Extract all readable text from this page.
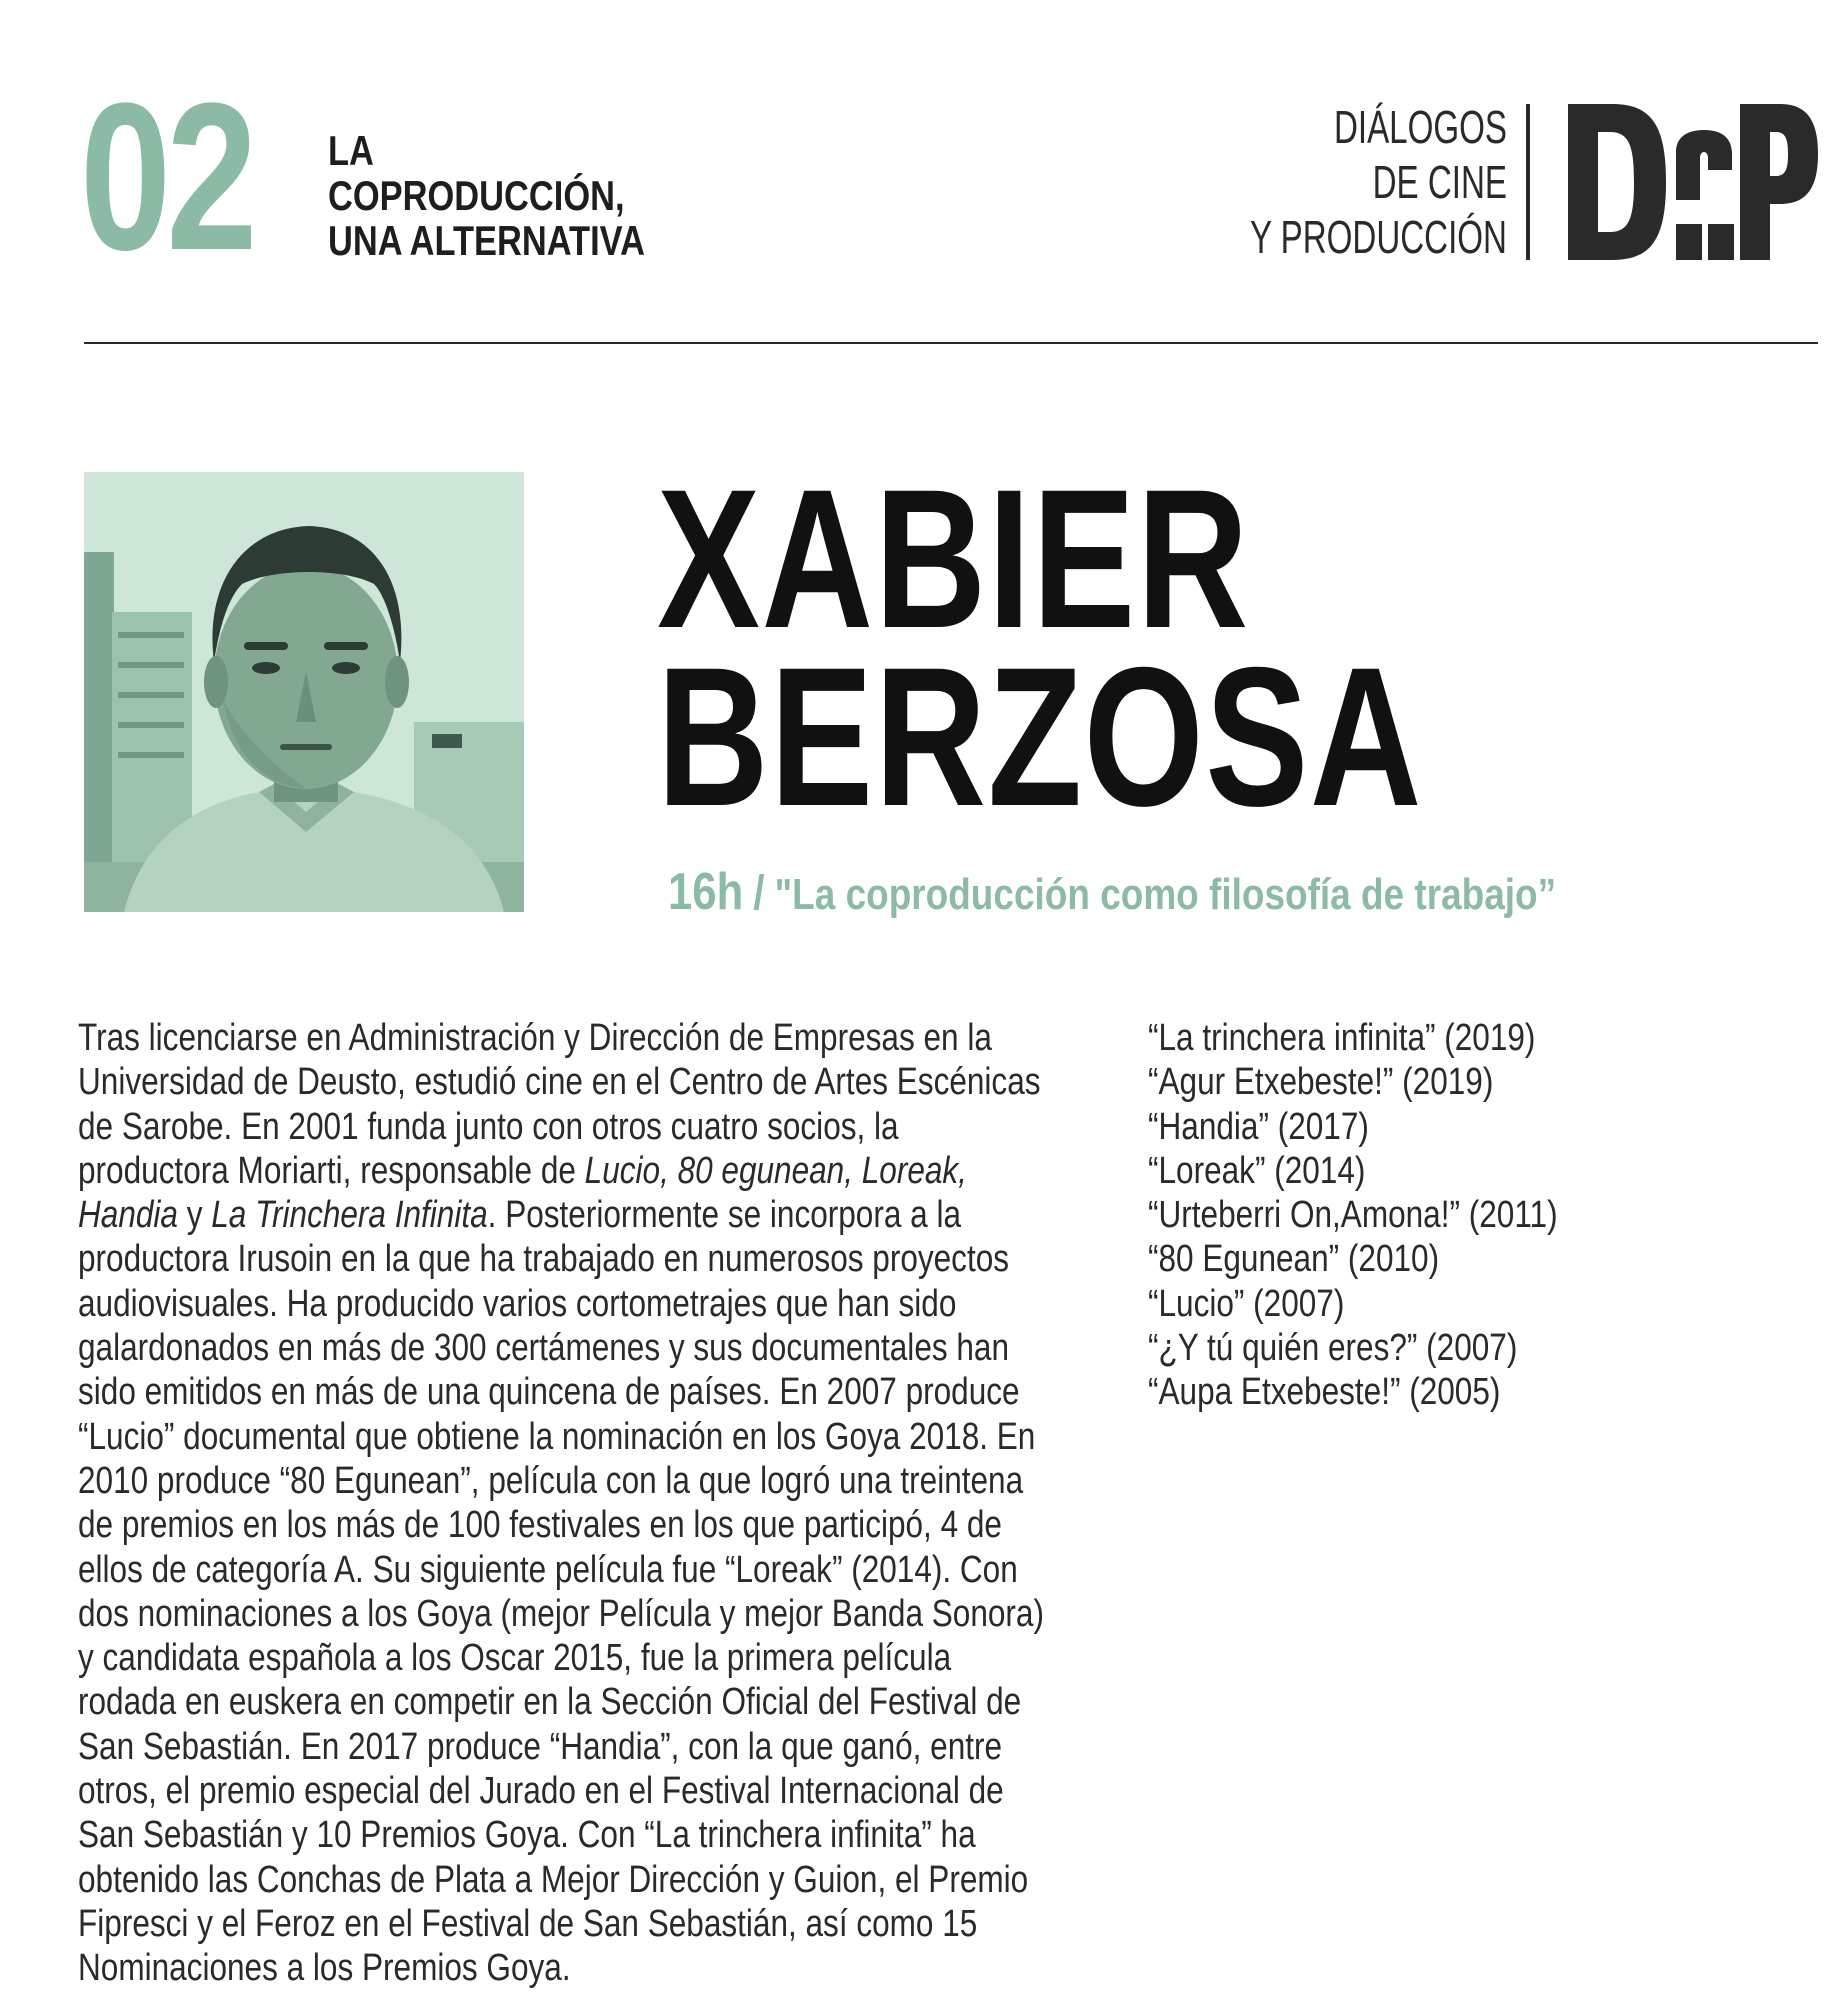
02 LA
COPRODUCCIÓN,
UNA ALTERNATIVA
DIÁLOGOS
DE CINE
Y PRODUCCIÓN
XABIER
BERZOSA
16h / "La coproducción como filosofía de trabajo”
Tras licenciarse en Administración y Dirección de Empresas en la
Universidad de Deusto, estudió cine en el Centro de Artes Escénicas
de Sarobe. En 2001 funda junto con otros cuatro socios, la
productora Moriarti, responsable de Lucio, 80 egunean, Loreak,
Handia y La Trinchera Infinita. Posteriormente se incorpora a la
productora Irusoin en la que ha trabajado en numerosos proyectos
audiovisuales. Ha producido varios cortometrajes que han sido
galardonados en más de 300 certámenes y sus documentales han
sido emitidos en más de una quincena de países. En 2007 produce
“Lucio” documental que obtiene la nominación en los Goya 2018. En
2010 produce “80 Egunean”, película con la que logró una treintena
de premios en los más de 100 festivales en los que participó, 4 de
ellos de categoría A. Su siguiente película fue “Loreak” (2014). Con
dos nominaciones a los Goya (mejor Película y mejor Banda Sonora)
y candidata española a los Oscar 2015, fue la primera película
rodada en euskera en competir en la Sección Oficial del Festival de
San Sebastián. En 2017 produce “Handia”, con la que ganó, entre
otros, el premio especial del Jurado en el Festival Internacional de
San Sebastián y 10 Premios Goya. Con “La trinchera infinita” ha
obtenido las Conchas de Plata a Mejor Dirección y Guion, el Premio
Fipresci y el Feroz en el Festival de San Sebastián, así como 15
Nominaciones a los Premios Goya.
“La trinchera infinita” (2019)
“Agur Etxebeste!” (2019)
“Handia” (2017)
“Loreak” (2014)
“Urteberri On,Amona!” (2011)
“80 Egunean” (2010)
“Lucio” (2007)
“¿Y tú quién eres?” (2007)
“Aupa Etxebeste!” (2005)
